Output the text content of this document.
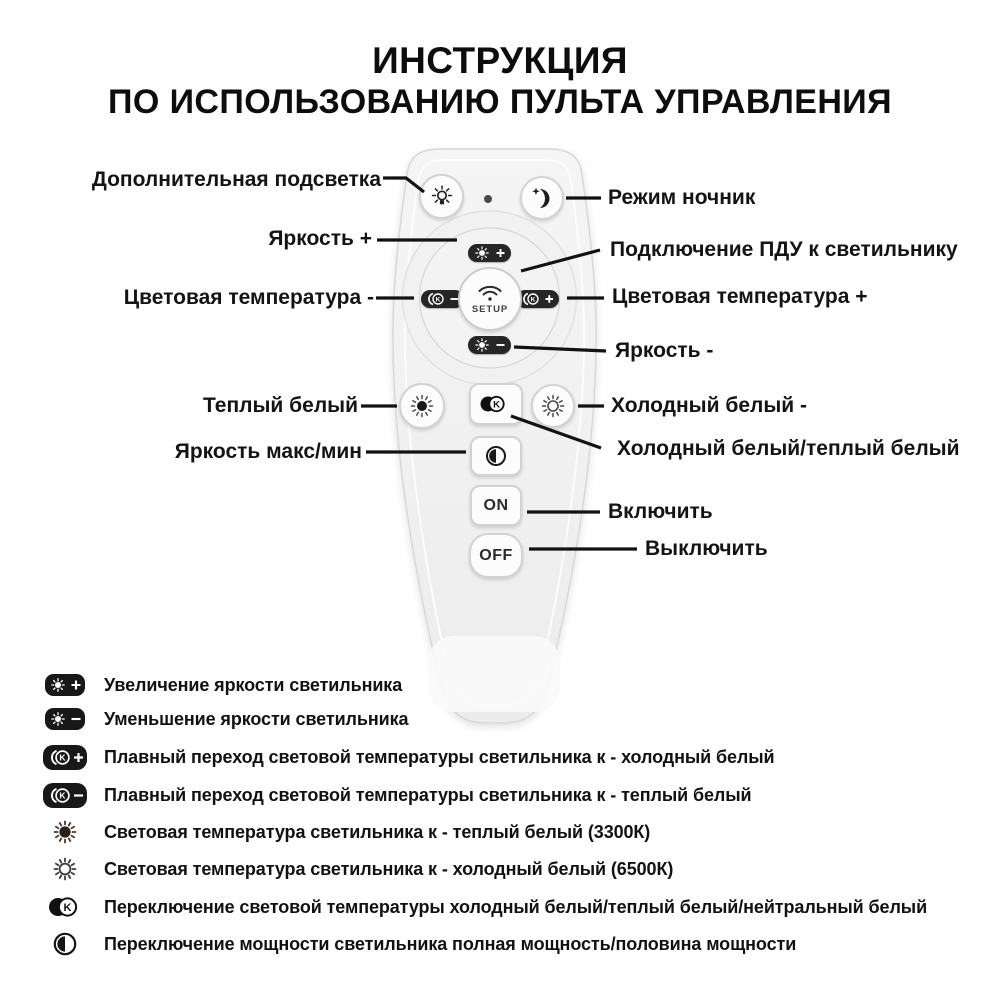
ИНСТРУКЦИЯ
ПО ИСПОЛЬЗОВАНИЮ ПУЛЬТА УПРАВЛЕНИЯ
K	K
SETUP
K
ON
OFF
Дополнительная подсветка
Яркость +
Цветовая температура -
Теплый белый
Яркость макс/мин
Режим ночник
Подключение ПДУ к светильнику
Цветовая температура +
Яркость -
Холодный белый -
Холодный белый/теплый белый
Включить
Выключить
Увеличение яркости светильника
Уменьшение яркости светильника
K Плавный переход световой температуры светильника к - холодный белый
K Плавный переход световой температуры светильника к - теплый белый
Световая температура светильника к - теплый белый (3300К)
Световая температура светильника к - холодный белый (6500К)
K Переключение световой температуры холодный белый/теплый белый/нейтральный белый
Переключение мощности светильника полная мощность/половина мощности
